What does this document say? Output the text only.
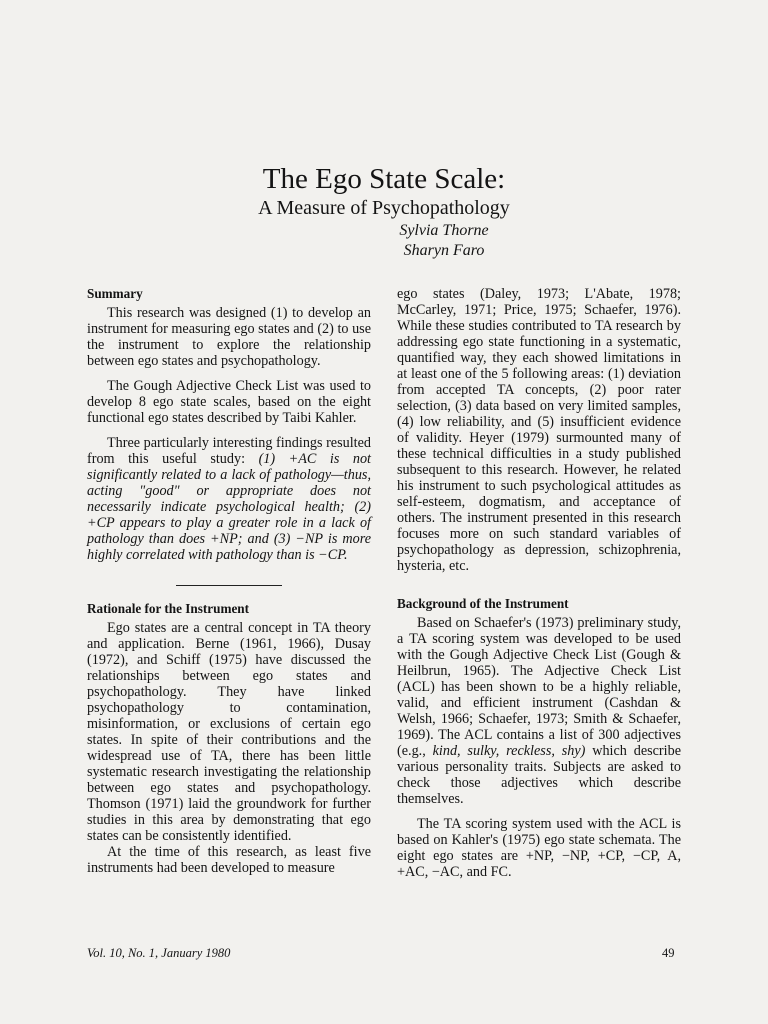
The Ego State Scale:
A Measure of Psychopathology
Sylvia Thorne
Sharyn Faro

Summary

This research was designed (1) to develop an instrument for measuring ego states and (2) to use the instrument to explore the relationship between ego states and psychopathology.

The Gough Adjective Check List was used to develop 8 ego state scales, based on the eight functional ego states described by Taibi Kahler.

Three particularly interesting findings resulted from this useful study: (1) +AC is not significantly related to a lack of pathology—thus, acting "good" or appropriate does not necessarily indicate psychological health; (2) +CP appears to play a greater role in a lack of pathology than does +NP; and (3) −NP is more highly correlated with pathology than is −CP.

Rationale for the Instrument

Ego states are a central concept in TA theory and application. Berne (1961, 1966), Dusay (1972), and Schiff (1975) have discussed the relationships between ego states and psychopathology. They have linked psychopathology to contamination, misinformation, or exclusions of certain ego states. In spite of their contributions and the widespread use of TA, there has been little systematic research investigating the relationship between ego states and psychopathology. Thomson (1971) laid the groundwork for further studies in this area by demonstrating that ego states can be consistently identified.

At the time of this research, as least five instruments had been developed to measure

ego states (Daley, 1973; L'Abate, 1978; McCarley, 1971; Price, 1975; Schaefer, 1976). While these studies contributed to TA research by addressing ego state functioning in a systematic, quantified way, they each showed limitations in at least one of the 5 following areas: (1) deviation from accepted TA concepts, (2) poor rater selection, (3) data based on very limited samples, (4) low reliability, and (5) insufficient evidence of validity. Heyer (1979) surmounted many of these technical difficulties in a study published subsequent to this research. However, he related his instrument to such psychological attitudes as self-esteem, dogmatism, and acceptance of others. The instrument presented in this research focuses more on such standard variables of psychopathology as depression, schizophrenia, hysteria, etc.

Background of the Instrument

Based on Schaefer's (1973) preliminary study, a TA scoring system was developed to be used with the Gough Adjective Check List (Gough & Heilbrun, 1965). The Adjective Check List (ACL) has been shown to be a highly reliable, valid, and efficient instrument (Cashdan & Welsh, 1966; Schaefer, 1973; Smith & Schaefer, 1969). The ACL contains a list of 300 adjectives (e.g., kind, sulky, reckless, shy) which describe various personality traits. Subjects are asked to check those adjectives which describe themselves.

The TA scoring system used with the ACL is based on Kahler's (1975) ego state schemata. The eight ego states are +NP, −NP, +CP, −CP, A, +AC, −AC, and FC.

Vol. 10, No. 1, January 1980	49
